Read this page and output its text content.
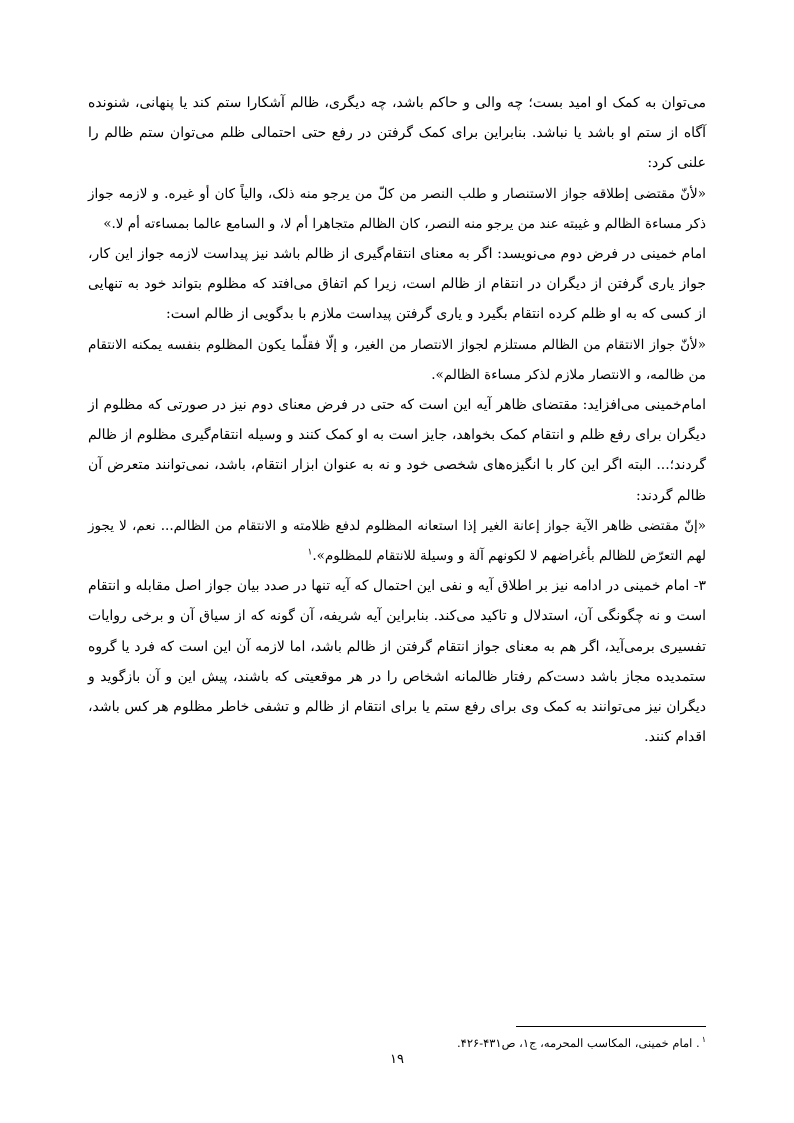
می‌توان به کمک او امید بست؛ چه والی و حاکم باشد، چه دیگری، ظالم آشکارا ستم کند یا پنهانی، شنونده آگاه از ستم او باشد یا نباشد. بنابراین برای کمک گرفتن در رفع حتی احتمالی ظلم می‌توان ستم ظالم را علنی کرد:

«لأنّ مقتضی إطلاقه جواز الاستنصار و طلب النصر من کلّ من یرجو منه ذلک، والیاً کان أو غیره. و لازمه جواز ذکر مساءة الظالم و غیبته عند من یرجو منه النصر، کان الظالم متجاهرا أم لا، و السامع عالما بمساءته أم لا.»

امام خمینی در فرض دوم می‌نویسد: اگر به معنای انتقام‌گیری از ظالم باشد نیز پیداست لازمه جواز این کار، جواز یاری گرفتن از دیگران در انتقام از ظالم است، زیرا کم اتفاق می‌افتد که مظلوم بتواند خود به تنهایی از کسی که به او ظلم کرده انتقام بگیرد و یاری گرفتن پیداست ملازم با بدگویی از ظالم است:

«لأنّ جواز الانتقام من الظالم مستلزم لجواز الانتصار من الغیر، و إلّا فقلّما یکون المظلوم بنفسه یمکنه الانتقام من ظالمه، و الانتصار ملازم لذکر مساءة الظالم».

امام‌خمینی می‌افزاید: مقتضای ظاهر آیه این است که حتی در فرض معنای دوم نیز در صورتی که مظلوم از دیگران برای رفع ظلم و انتقام کمک بخواهد، جایز است به او کمک کنند و وسیله انتقام‌گیری مظلوم از ظالم گردند؛... البته اگر این کار با انگیزه‌های شخصی خود و نه به عنوان ابزار انتقام، باشد، نمی‌توانند متعرض آن ظالم گردند:

«إنّ مقتضی ظاهر الآیة جواز إعانة الغیر إذا استعانه المظلوم لدفع ظلامته و الانتقام من الظالم... نعم، لا یجوز لهم التعرّض للظالم بأغراضهم لا لکونهم آلة و وسیلة للانتقام للمظلوم».$^۱$

۳- امام خمینی در ادامه نیز بر اطلاق آیه و نفی این احتمال که آیه تنها در صدد بیان جواز اصل مقابله و انتقام است و نه چگونگی آن، استدلال و تاکید می‌کند. بنابراین آیه شریفه، آن گونه که از سیاق آن و برخی روایات تفسیری برمی‌آید، اگر هم به معنای جواز انتقام گرفتن از ظالم باشد، اما لازمه آن این است که فرد یا گروه ستمدیده مجاز باشد دست‌کم رفتار ظالمانه اشخاص را در هر موقعیتی که باشند، پیش این و آن بازگوید و دیگران نیز می‌توانند به کمک وی برای رفع ستم یا برای انتقام از ظالم و تشفی خاطر مظلوم هر کس باشد، اقدام کنند.

$^۱$. امام خمینی، المکاسب المحرمه، ج۱، ص۴۳۱-۴۲۶.
۱۹
